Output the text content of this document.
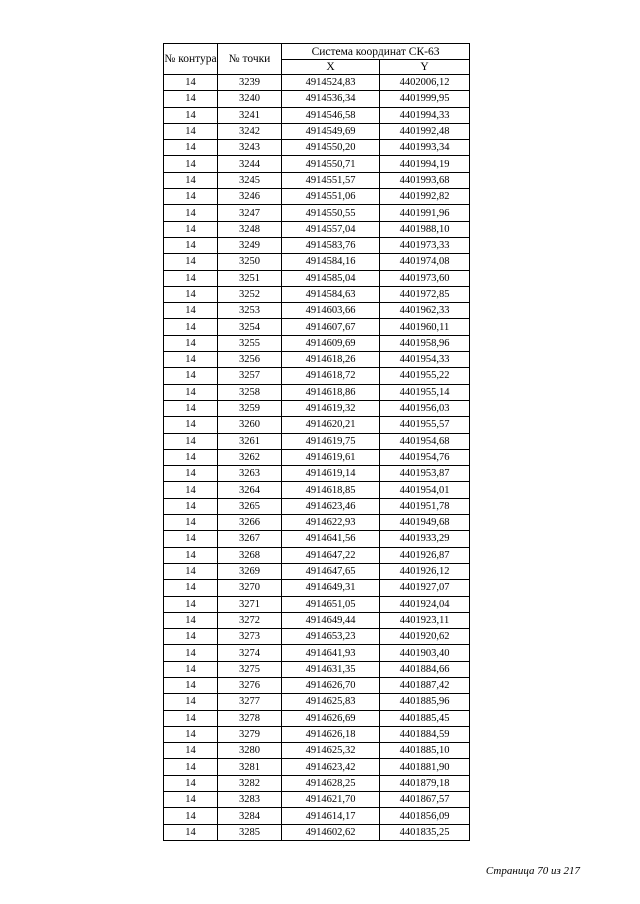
№ контура	№ точки	Система координат СК-63	
		X	Y
14	3239	4914524,83	4402006,12
14	3240	4914536,34	4401999,95
14	3241	4914546,58	4401994,33
14	3242	4914549,69	4401992,48
14	3243	4914550,20	4401993,34
14	3244	4914550,71	4401994,19
14	3245	4914551,57	4401993,68
14	3246	4914551,06	4401992,82
14	3247	4914550,55	4401991,96
14	3248	4914557,04	4401988,10
14	3249	4914583,76	4401973,33
14	3250	4914584,16	4401974,08
14	3251	4914585,04	4401973,60
14	3252	4914584,63	4401972,85
14	3253	4914603,66	4401962,33
14	3254	4914607,67	4401960,11
14	3255	4914609,69	4401958,96
14	3256	4914618,26	4401954,33
14	3257	4914618,72	4401955,22
14	3258	4914618,86	4401955,14
14	3259	4914619,32	4401956,03
14	3260	4914620,21	4401955,57
14	3261	4914619,75	4401954,68
14	3262	4914619,61	4401954,76
14	3263	4914619,14	4401953,87
14	3264	4914618,85	4401954,01
14	3265	4914623,46	4401951,78
14	3266	4914622,93	4401949,68
14	3267	4914641,56	4401933,29
14	3268	4914647,22	4401926,87
14	3269	4914647,65	4401926,12
14	3270	4914649,31	4401927,07
14	3271	4914651,05	4401924,04
14	3272	4914649,44	4401923,11
14	3273	4914653,23	4401920,62
14	3274	4914641,93	4401903,40
14	3275	4914631,35	4401884,66
14	3276	4914626,70	4401887,42
14	3277	4914625,83	4401885,96
14	3278	4914626,69	4401885,45
14	3279	4914626,18	4401884,59
14	3280	4914625,32	4401885,10
14	3281	4914623,42	4401881,90
14	3282	4914628,25	4401879,18
14	3283	4914621,70	4401867,57
14	3284	4914614,17	4401856,09
14	3285	4914602,62	4401835,25
Страница 70 из 217
